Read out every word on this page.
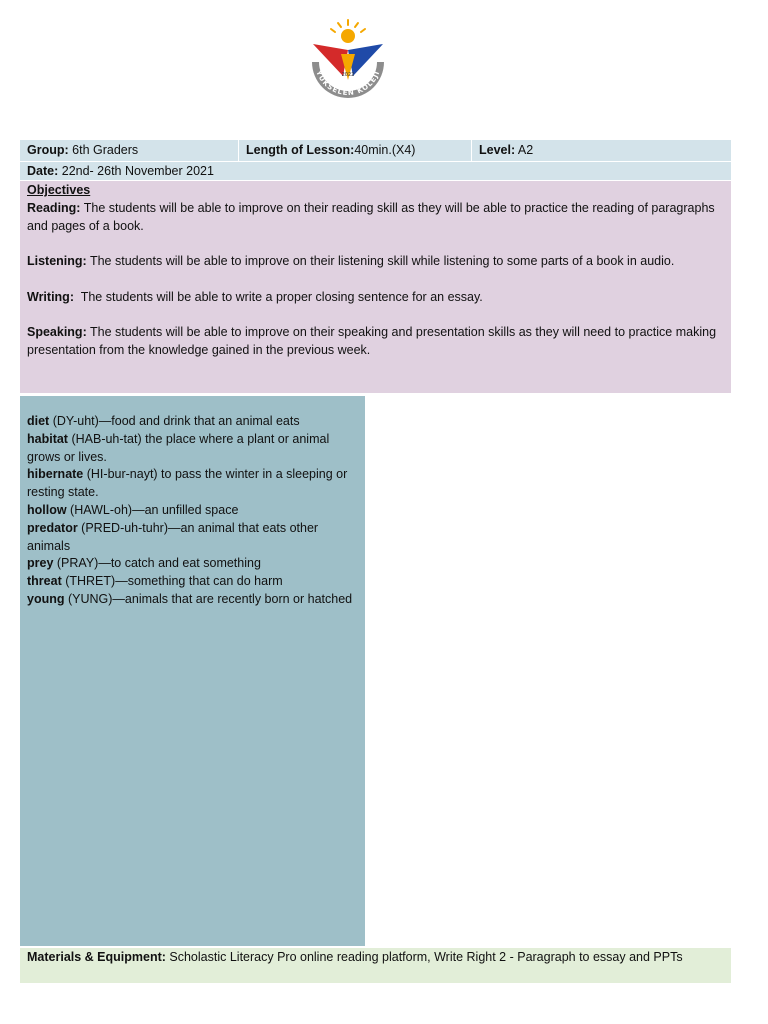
2022
YÜKSELEN KOLEJİ
Group: 6th Graders	Length of Lesson:40min.(X4)	Level: A2
Date: 22nd- 26th November 2021

Objectives

Reading: The students will be able to improve on their reading skill as they will be able to practice the reading of paragraphs and pages of a book.

Listening: The students will be able to improve on their listening skill while listening to some parts of a book in audio.

Writing:  The students will be able to write a proper closing sentence for an essay.

Speaking: The students will be able to improve on their speaking and presentation skills as they will need to practice making presentation from the knowledge gained in the previous week.

diet (DY-uht)—food and drink that an animal eats

habitat (HAB-uh-tat) the place where a plant or animal grows or lives.

hibernate (HI-bur-nayt) to pass the winter in a sleeping or resting state.

hollow (HAWL-oh)—an unfilled space

predator (PRED-uh-tuhr)—an animal that eats other animals

prey (PRAY)—to catch and eat something

threat (THRET)—something that can do harm

young (YUNG)—animals that are recently born or hatched

Materials & Equipment: Scholastic Literacy Pro online reading platform, Write Right 2 - Paragraph to essay and PPTs
